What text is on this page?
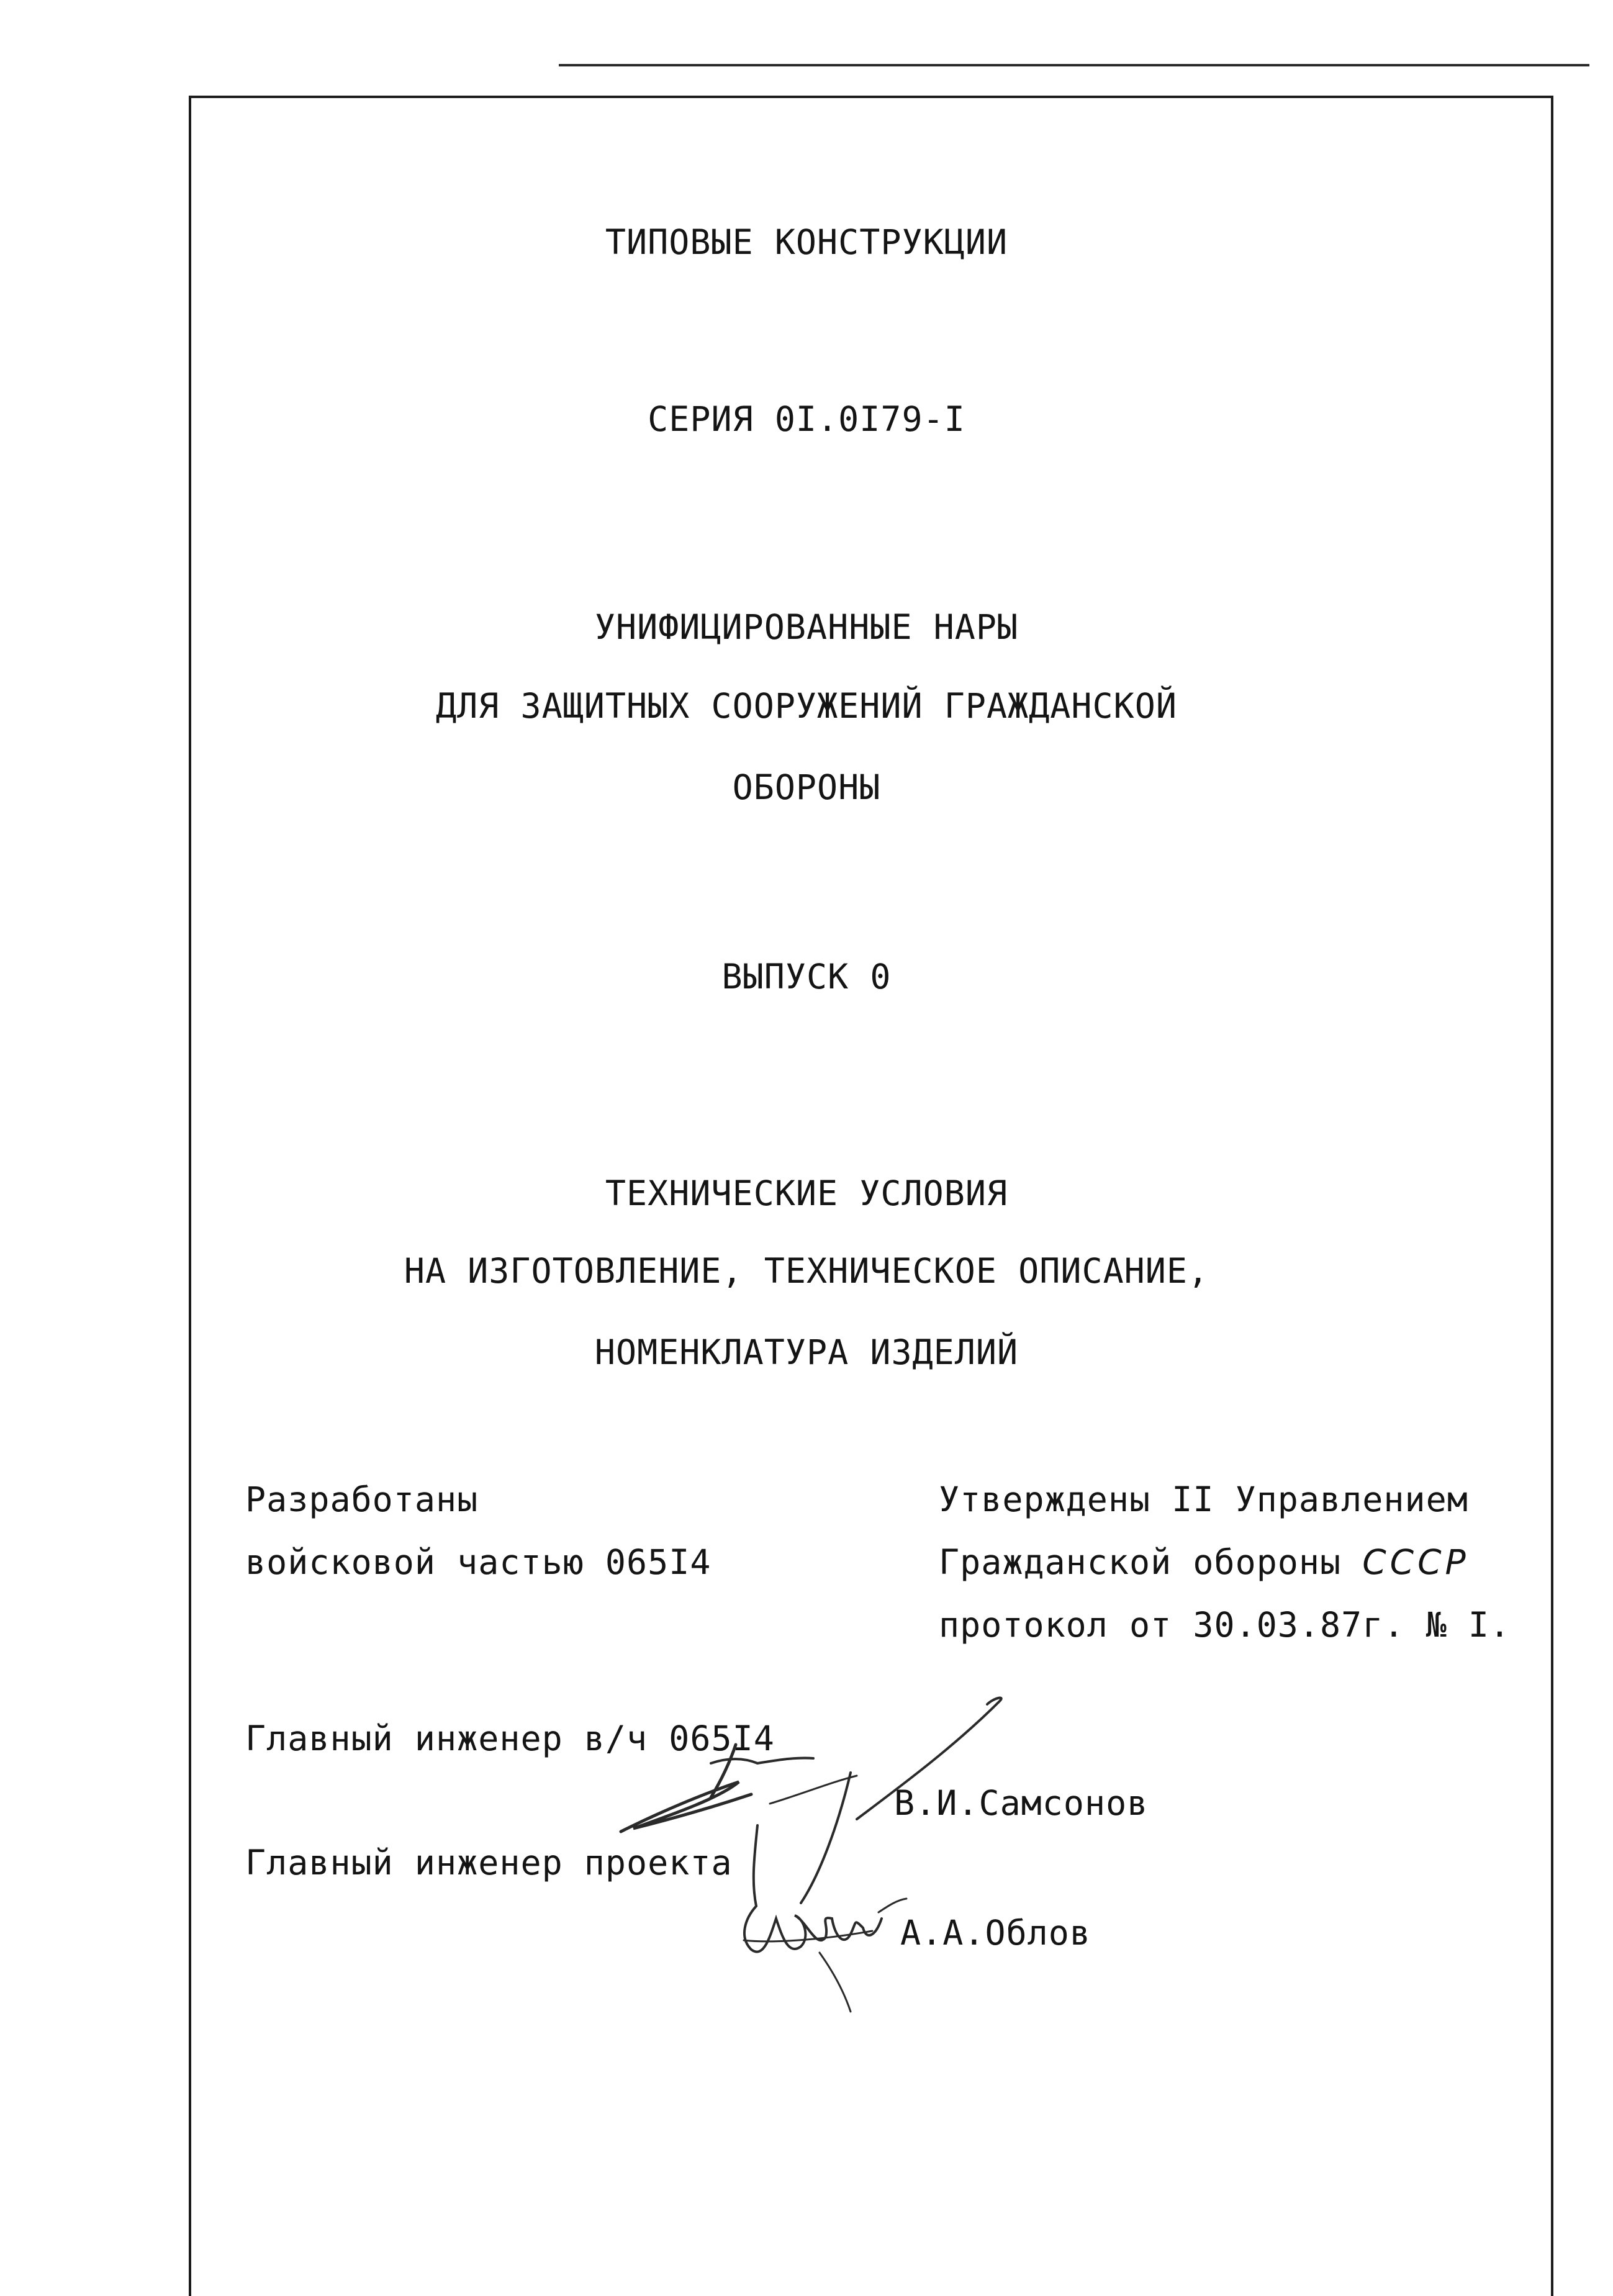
ТИПОВЫЕ КОНСТРУКЦИИ
СЕРИЯ 0I.0I79-I
УНИФИЦИРОВАННЫЕ НАРЫ
ДЛЯ ЗАЩИТНЫХ СООРУЖЕНИЙ ГРАЖДАНСКОЙ
ОБОРОНЫ
ВЫПУСК 0
ТЕХНИЧЕСКИЕ УСЛОВИЯ
НА ИЗГОТОВЛЕНИЕ, ТЕХНИЧЕСКОЕ ОПИСАНИЕ,
НОМЕНКЛАТУРА ИЗДЕЛИЙ
Разработаны
войсковой частью 065I4
Утверждены II Управлением
Гражданской обороны СССР
протокол от 30.03.87г. № I.
Главный инженер в/ч 065I4
В.И.Самсонов
Главный инженер проекта
А.А.Облов
